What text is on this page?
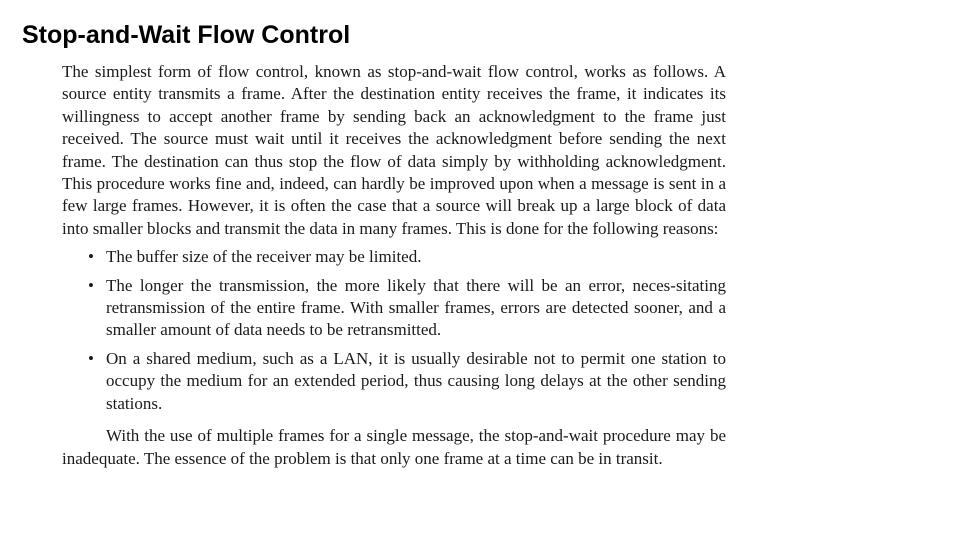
Stop-and-Wait Flow Control

The simplest form of flow control, known as stop-and-wait flow control, works as follows. A source entity transmits a frame. After the destination entity receives the frame, it indicates its willingness to accept another frame by sending back an acknowledgment to the frame just received. The source must wait until it receives the acknowledgment before sending the next frame. The destination can thus stop the flow of data simply by withholding acknowledgment. This procedure works fine and, indeed, can hardly be improved upon when a message is sent in a few large frames. However, it is often the case that a source will break up a large block of data into smaller blocks and transmit the data in many frames. This is done for the following reasons:

• The buffer size of the receiver may be limited.
• The longer the transmission, the more likely that there will be an error, neces-sitating retransmission of the entire frame. With smaller frames, errors are detected sooner, and a smaller amount of data needs to be retransmitted.
• On a shared medium, such as a LAN, it is usually desirable not to permit one station to occupy the medium for an extended period, thus causing long delays at the other sending stations.

With the use of multiple frames for a single message, the stop-and-wait procedure may be inadequate. The essence of the problem is that only one frame at a time can be in transit.
